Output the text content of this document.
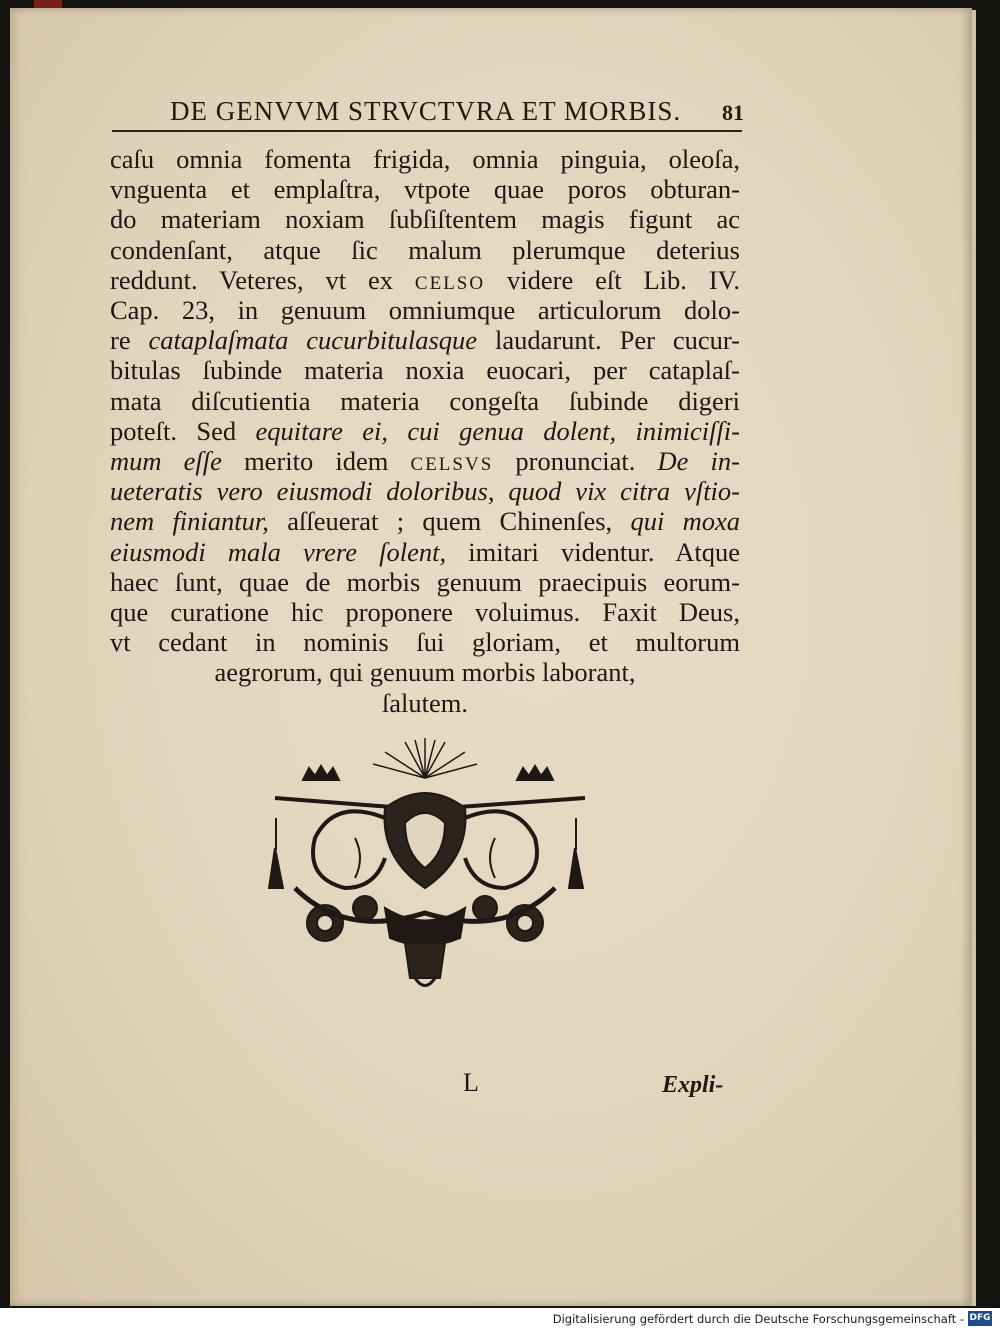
DE GENVVM STRVCTVRA ET MORBIS. 81
caſu omnia fomenta frigida, omnia pinguia, oleoſa,
vnguenta et emplaſtra, vtpote quae poros obturan-
do materiam noxiam ſubſiſtentem magis figunt ac
condenſant, atque ſic malum plerumque deterius
reddunt. Veteres, vt ex celso videre eſt Lib. IV.
Cap. 23, in genuum omniumque articulorum dolo-
re cataplaſmata cucurbitulasque laudarunt. Per cucur-
bitulas ſubinde materia noxia euocari, per cataplaſ-
mata diſcutientia materia congeſta ſubinde digeri
poteſt. Sed equitare ei, cui genua dolent, inimiciſſi-
mum eſſe merito idem celsvs pronunciat. De in-
ueteratis vero eiusmodi doloribus, quod vix citra vſtio-
nem finiantur, aſſeuerat ; quem Chinenſes, qui moxa
eiusmodi mala vrere ſolent, imitari videntur. Atque
haec ſunt, quae de morbis genuum praecipuis eorum-
que curatione hic proponere voluimus. Faxit Deus,
vt cedant in nominis ſui gloriam, et multorum
aegrorum, qui genuum morbis laborant,
ſalutem.
L	Expli-
Digitalisierung gefördert durch die Deutsche Forschungsgemeinschaft - DFG
